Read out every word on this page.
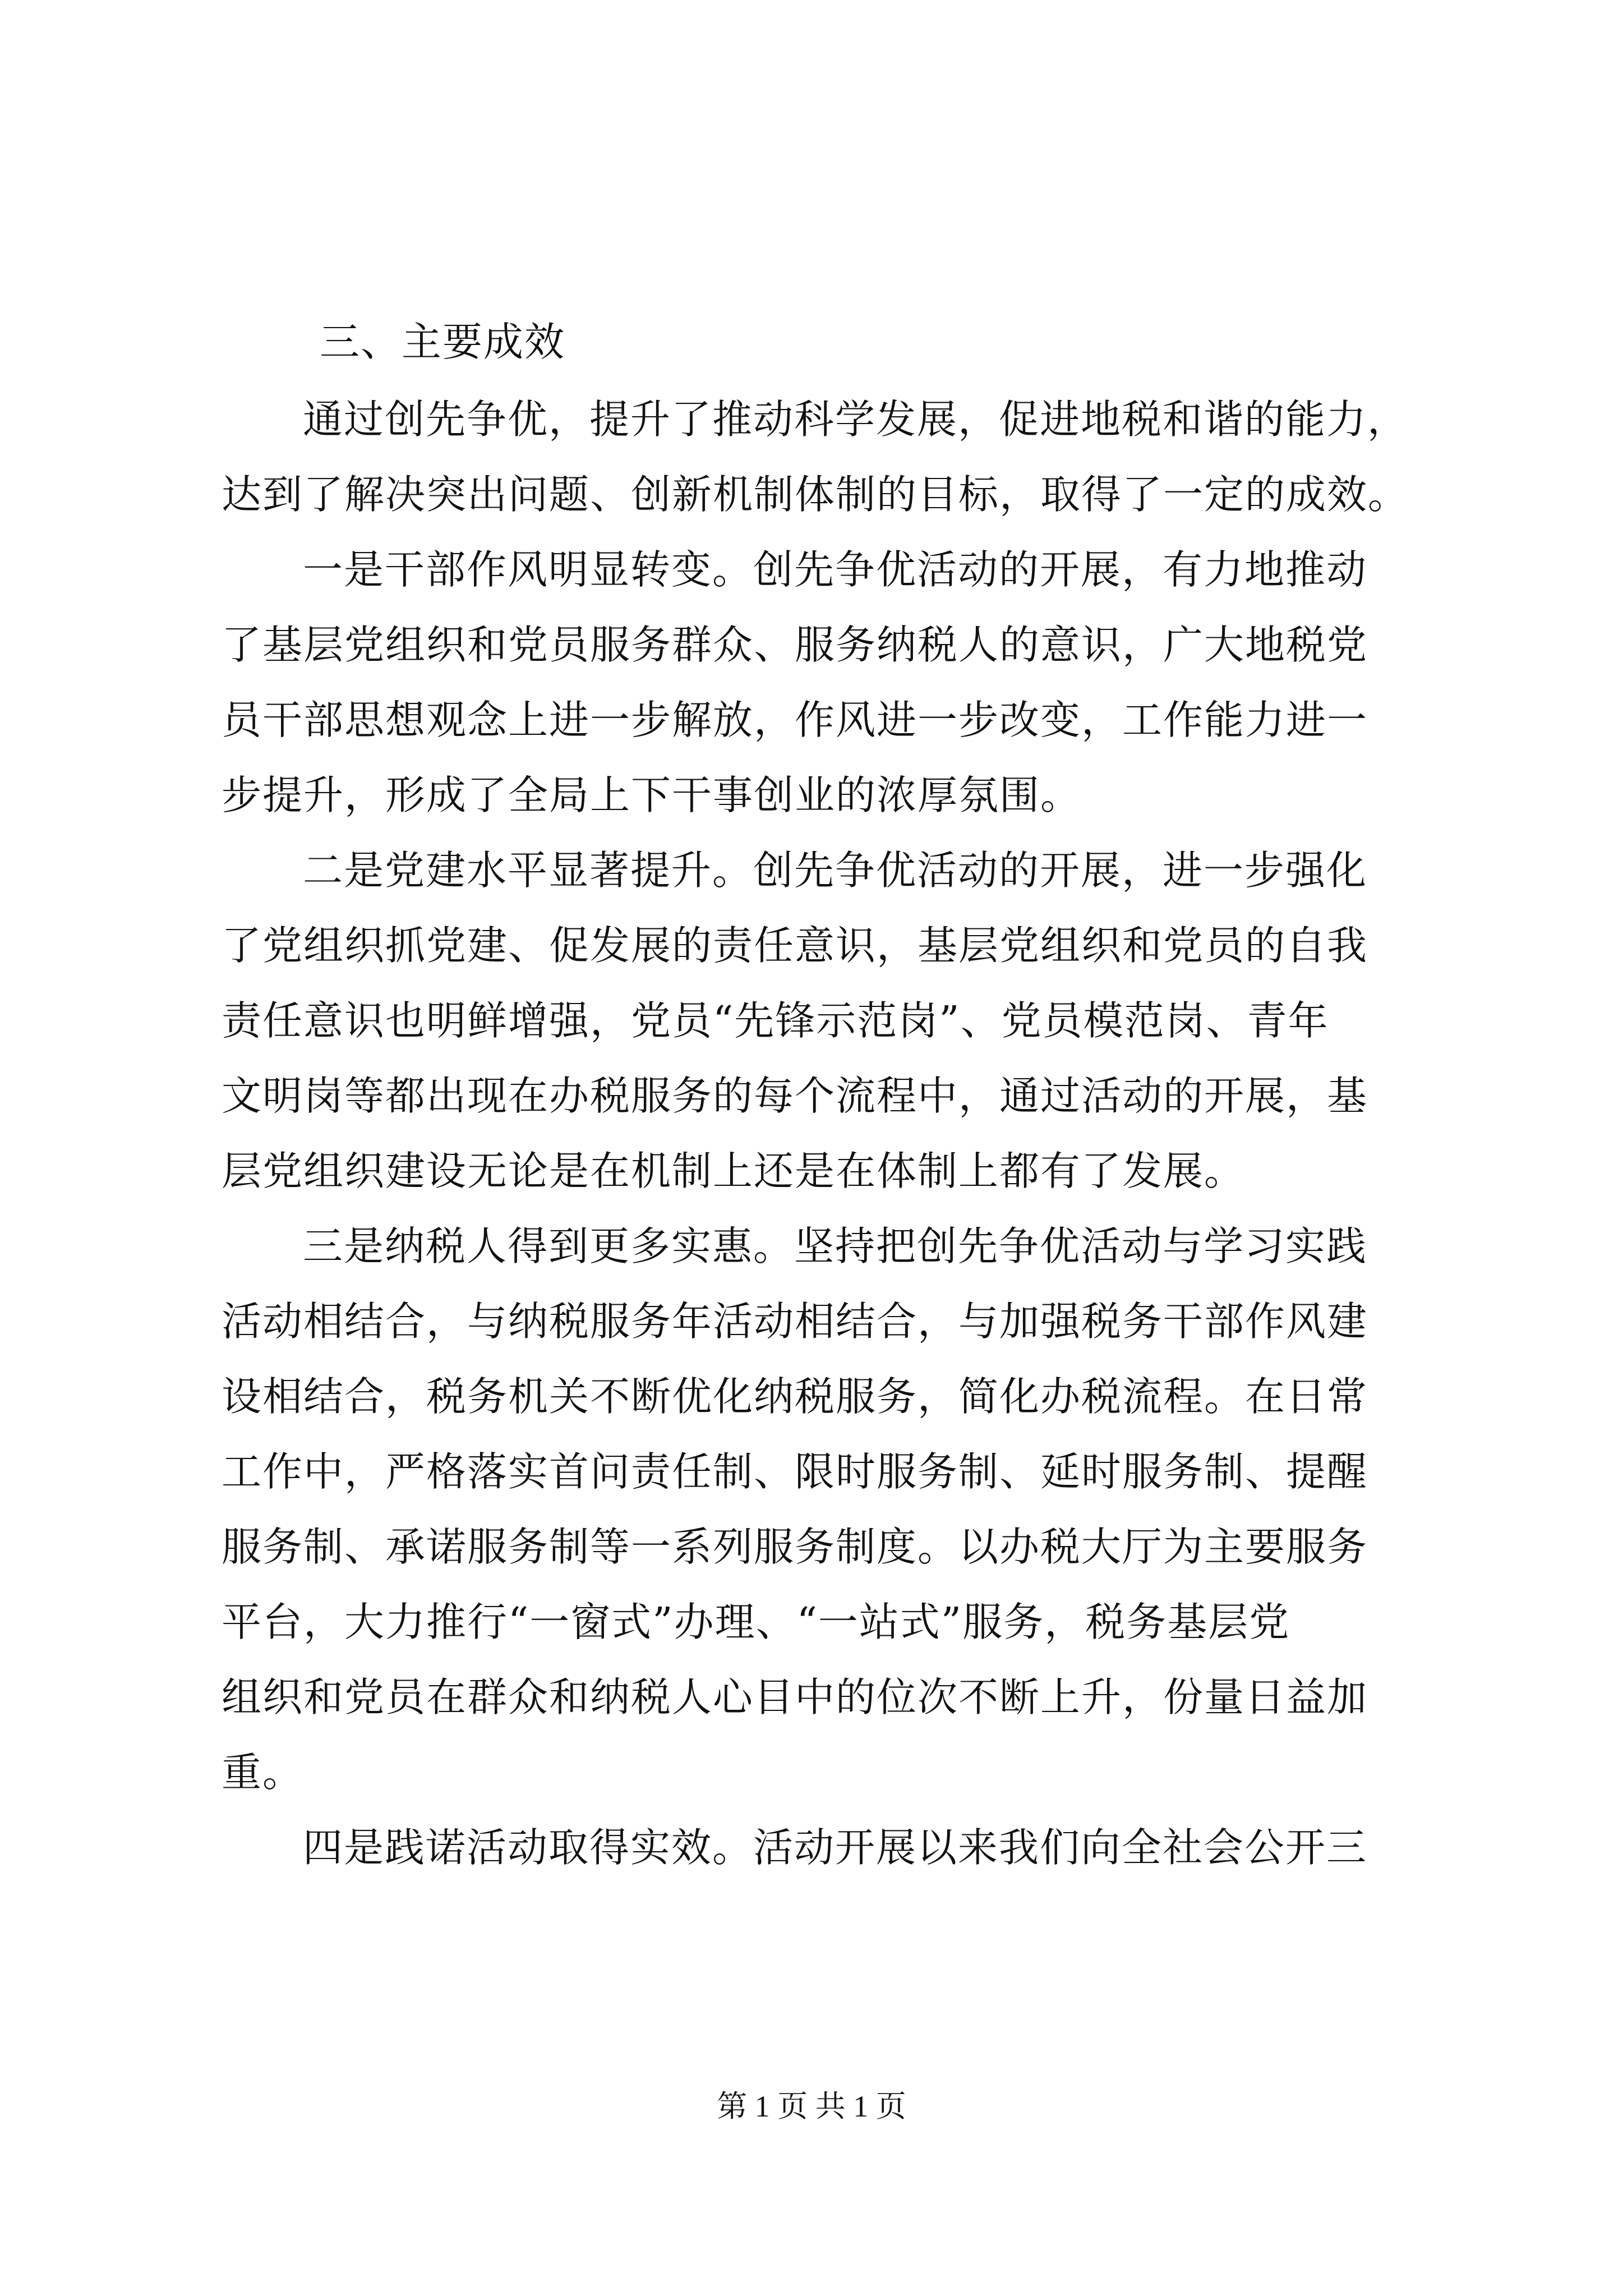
三、主要成效
通过创先争优，提升了推动科学发展，促进地税和谐的能力，
达到了解决突出问题、创新机制体制的目标，取得了一定的成效。
一是干部作风明显转变。创先争优活动的开展，有力地推动
了基层党组织和党员服务群众、服务纳税人的意识，广大地税党
员干部思想观念上进一步解放，作风进一步改变，工作能力进一
步提升，形成了全局上下干事创业的浓厚氛围。
二是党建水平显著提升。创先争优活动的开展，进一步强化
了党组织抓党建、促发展的责任意识，基层党组织和党员的自我
责任意识也明鲜增强，党员“先锋示范岗”、党员模范岗、青年
文明岗等都出现在办税服务的每个流程中，通过活动的开展，基
层党组织建设无论是在机制上还是在体制上都有了发展。
三是纳税人得到更多实惠。坚持把创先争优活动与学习实践
活动相结合，与纳税服务年活动相结合，与加强税务干部作风建
设相结合，税务机关不断优化纳税服务，简化办税流程。在日常
工作中，严格落实首问责任制、限时服务制、延时服务制、提醒
服务制、承诺服务制等一系列服务制度。以办税大厅为主要服务
平台，大力推行“一窗式”办理、“一站式”服务，税务基层党
组织和党员在群众和纳税人心目中的位次不断上升，份量日益加
重。
四是践诺活动取得实效。活动开展以来我们向全社会公开三
第 1 页 共 1 页
